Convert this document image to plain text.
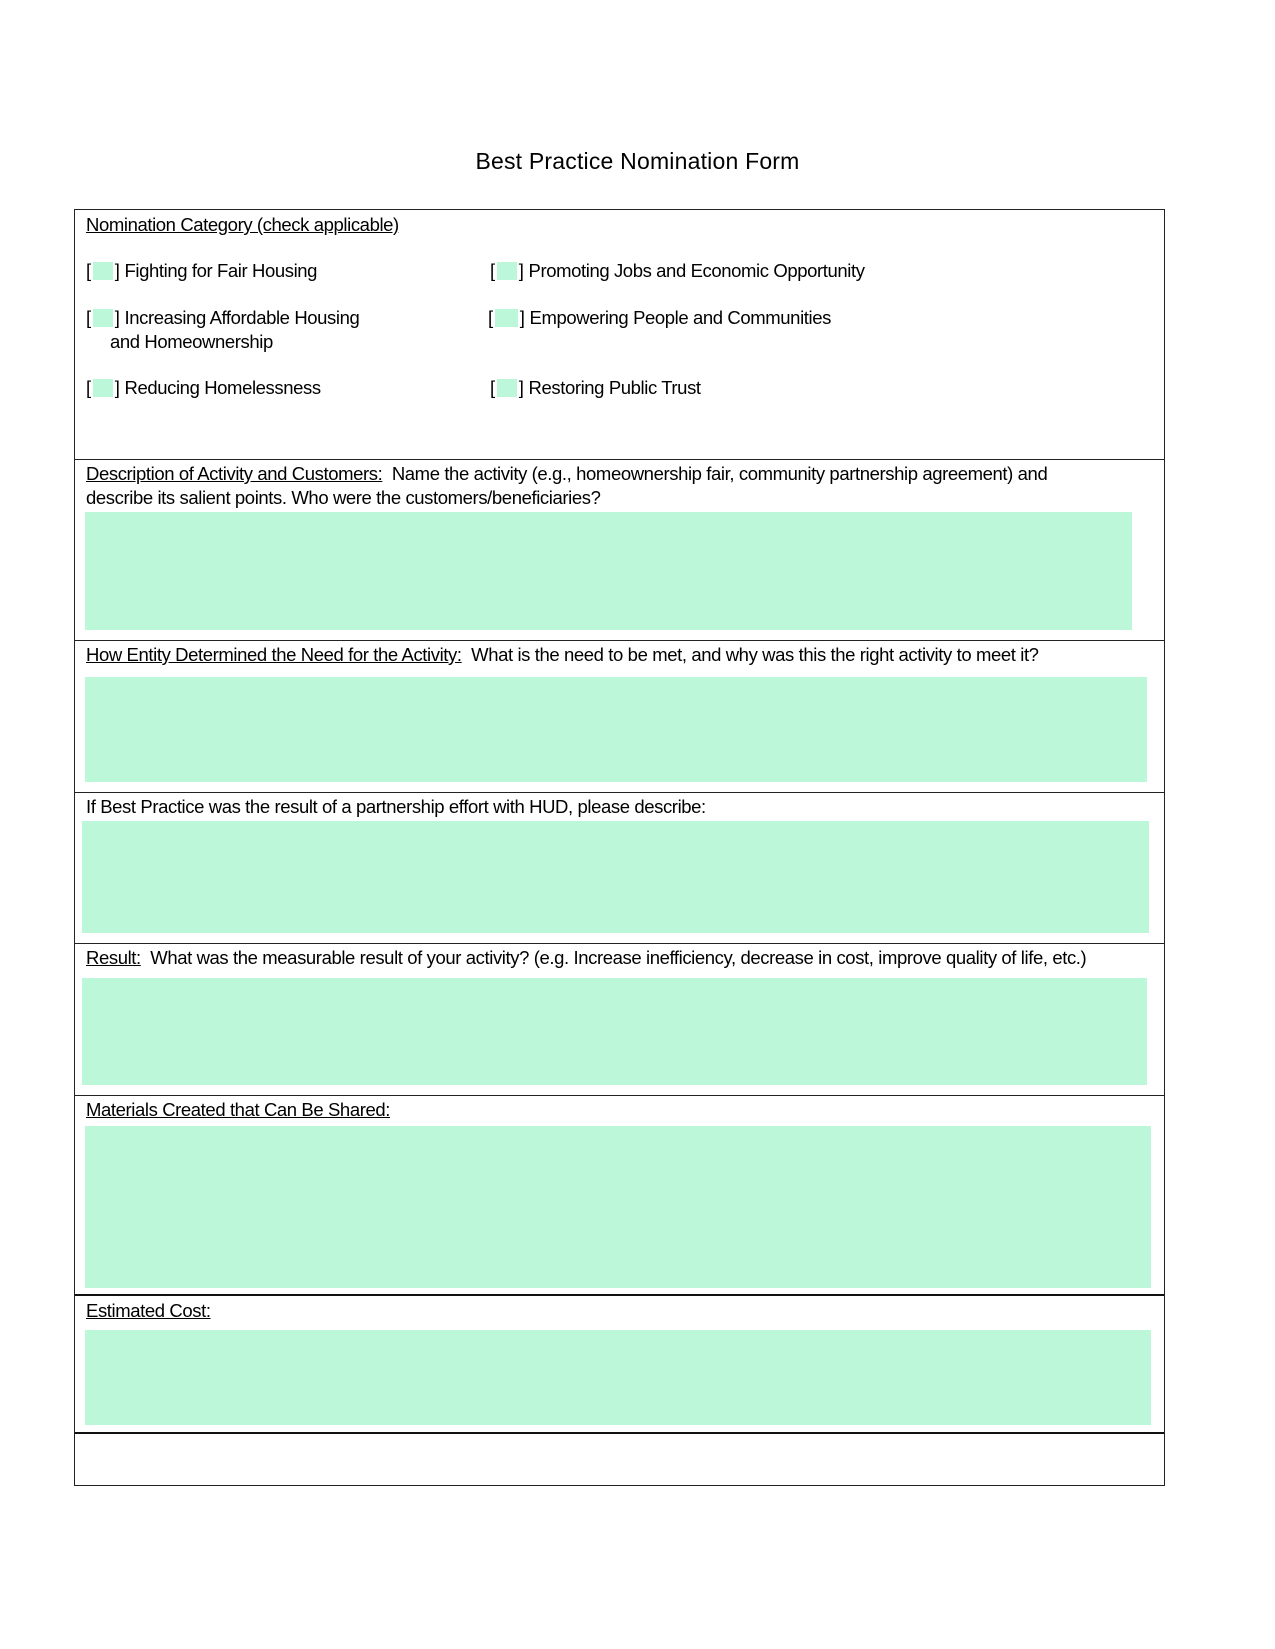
Best Practice Nomination Form
Nomination Category (check applicable)
[ ] Fighting for Fair Housing	[ ] Promoting Jobs and Economic Opportunity
[ ] Increasing Affordable Housing
and Homeownership
[ ] Empowering People and Communities
[ ] Reducing Homelessness	[ ] Restoring Public Trust
Description of Activity and Customers: Name the activity (e.g., homeownership fair, community partnership agreement) and
describe its salient points. Who were the customers/beneficiaries?
How Entity Determined the Need for the Activity: What is the need to be met, and why was this the right activity to meet it?
If Best Practice was the result of a partnership effort with HUD, please describe:
Result: What was the measurable result of your activity? (e.g. Increase inefficiency, decrease in cost, improve quality of life, etc.)
Materials Created that Can Be Shared:
Estimated Cost:
